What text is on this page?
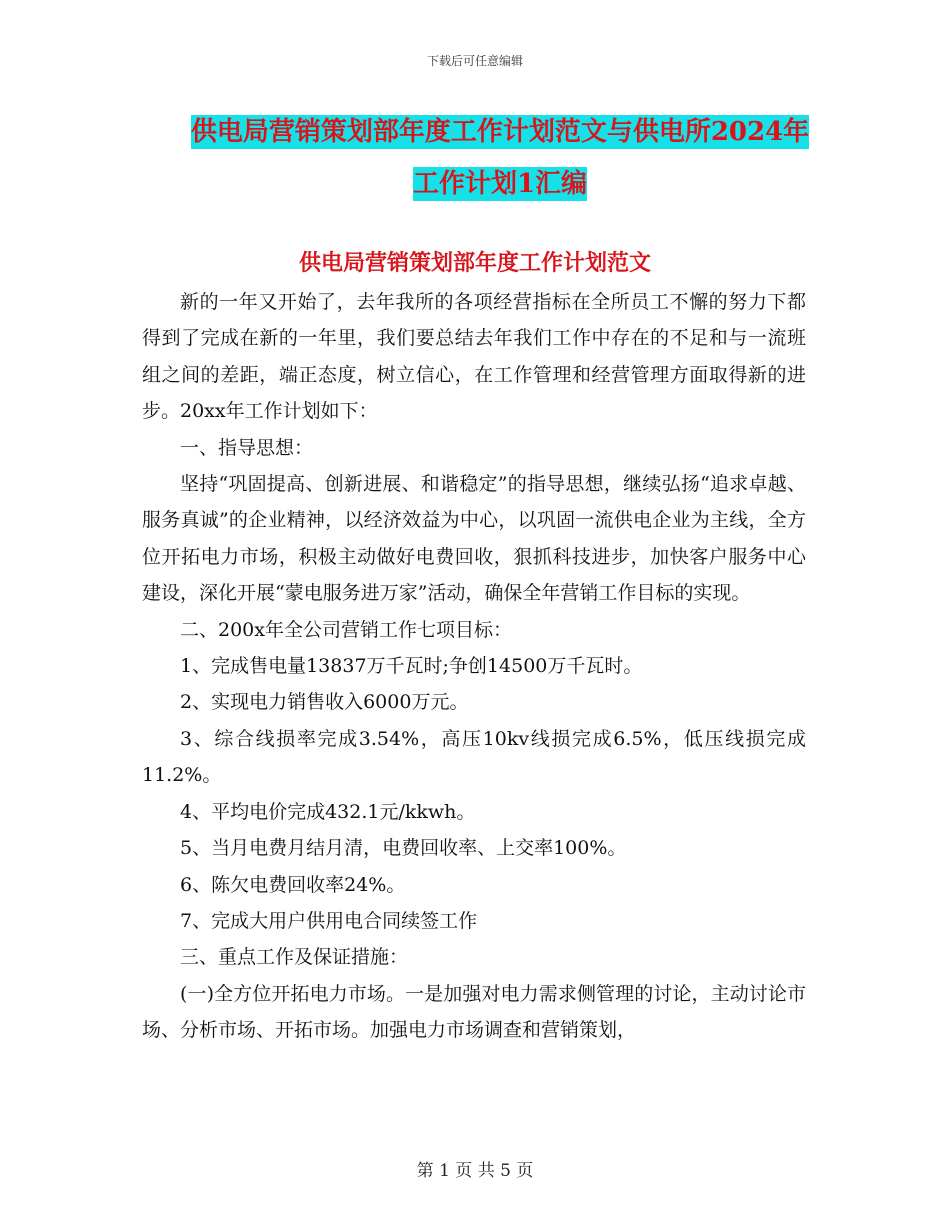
下载后可任意编辑
供电局营销策划部年度工作计划范文与供电所2024年
工作计划1汇编
供电局营销策划部年度工作计划范文

新的一年又开始了，去年我所的各项经营指标在全所员工不懈的努力下都得到了完成在新的一年里，我们要总结去年我们工作中存在的不足和与一流班组之间的差距，端正态度，树立信心，在工作管理和经营管理方面取得新的进步。20xx年工作计划如下：

一、指导思想：

坚持“巩固提高、创新进展、和谐稳定”的指导思想，继续弘扬“追求卓越、服务真诚”的企业精神，以经济效益为中心，以巩固一流供电企业为主线，全方位开拓电力市场，积极主动做好电费回收，狠抓科技进步，加快客户服务中心建设，深化开展“蒙电服务进万家”活动，确保全年营销工作目标的实现。

二、200x年全公司营销工作七项目标：

1、完成售电量13837万千瓦时;争创14500万千瓦时。

2、实现电力销售收入6000万元。

3、综合线损率完成3.54%，高压10kv线损完成6.5%，低压线损完成11.2%。

4、平均电价完成432.1元/kkwh。

5、当月电费月结月清，电费回收率、上交率100%。

6、陈欠电费回收率24%。

7、完成大用户供用电合同续签工作

三、重点工作及保证措施：

(一)全方位开拓电力市场。一是加强对电力需求侧管理的讨论，主动讨论市场、分析市场、开拓市场。加强电力市场调查和营销策划，

第 1 页 共 5 页
